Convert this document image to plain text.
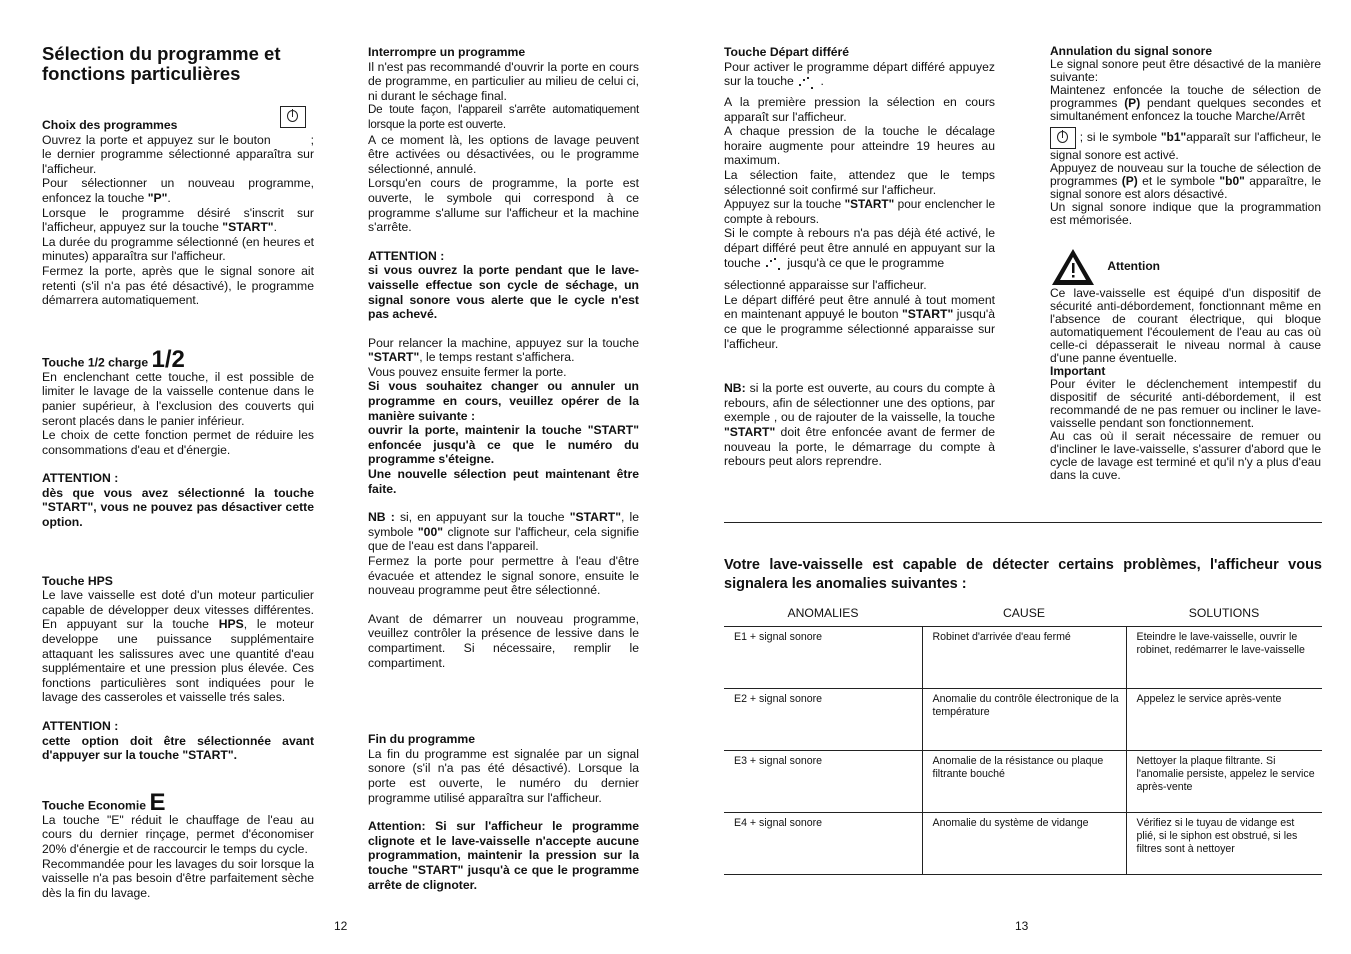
Sélection du programme et fonctions particulières

Choix des programmes

Ouvrez la porte et appuyez sur le bouton	; le dernier programme sélectionné apparaîtra sur l'afficheur.

Pour sélectionner un nouveau programme, enfoncez la touche "P".

Lorsque le programme désiré s'inscrit sur l'afficheur, appuyez sur la touche "START".

La durée du programme sélectionné (en heures et minutes) apparaîtra sur l'afficheur.

Fermez la porte, après que le signal sonore ait retenti (s'il n'a pas été désactivé), le programme démarrera automatiquement.

Touche 1/2 charge 1/2

En enclenchant cette touche, il est possible de limiter le lavage de la vaisselle contenue dans le panier supérieur, à l'exclusion des couverts qui seront placés dans le panier inférieur.

Le choix de cette fonction permet de réduire les consommations d'eau et d'énergie.

ATTENTION :

dès que vous avez sélectionné la touche "START", vous ne pouvez pas désactiver cette option.

Touche HPS

Le lave vaisselle est doté d'un moteur particulier capable de développer deux vitesses différentes. En appuyant sur la touche HPS, le moteur developpe une puissance supplémentaire attaquant les salissures avec une quantité d'eau supplémentaire et une pression plus élevée. Ces fonctions particulières sont indiquées pour le lavage des casseroles et vaisselle trés sales.

ATTENTION :

cette option doit être sélectionnée avant d'appuyer sur la touche "START".

Touche Economie E

La touche "E" réduit le chauffage de l'eau au cours du dernier rinçage, permet d'économiser 20% d'énergie et de raccourcir le temps du cycle.

Recommandée pour les lavages du soir lorsque la vaisselle n'a pas besoin d'être parfaitement sèche dès la fin du lavage.

Interrompre un programme

Il n'est pas recommandé d'ouvrir la porte en cours de programme, en particulier au milieu de celui ci, ni durant le séchage final.

De toute façon, l'appareil s'arrête automatiquement lorsque la porte est ouverte.

A ce moment là, les options de lavage peuvent être activées ou désactivées, ou le programme sélectionné, annulé.

Lorsqu'en cours de programme, la porte est ouverte, le symbole qui correspond à ce programme s'allume sur l'afficheur et la machine s'arrête.

ATTENTION :

si vous ouvrez la porte pendant que le lave-vaisselle effectue son cycle de séchage, un signal sonore vous alerte que le cycle n'est pas achevé.

Pour relancer la machine, appuyez sur la touche "START", le temps restant s'affichera.

Vous pouvez ensuite fermer la porte.

Si vous souhaitez changer ou annuler un programme en cours, veuillez opérer de la manière suivante :

ouvrir la porte, maintenir la touche "START" enfoncée jusqu'à ce que le numéro du programme s'éteigne.

Une nouvelle sélection peut maintenant être faite.

NB : si, en appuyant sur la touche "START", le symbole "00" clignote sur l'afficheur, cela signifie que de l'eau est dans l'appareil.

Fermez la porte pour permettre à l'eau d'être évacuée et attendez le signal sonore, ensuite le nouveau programme peut être sélectionné.

Avant de démarrer un nouveau programme, veuillez contrôler la présence de lessive dans le compartiment. Si nécessaire, remplir le compartiment.

Fin du programme

La fin du programme est signalée par un signal sonore (s'il n'a pas été désactivé). Lorsque la porte est ouverte, le numéro du dernier programme utilisé apparaîtra sur l'afficheur.

Attention: Si sur l'afficheur le programme clignote et le lave-vaisselle n'accepte aucune programmation, maintenir la pression sur la touche "START" jusqu'à ce que le programme arrête de clignoter.

12

Touche Départ différé

Pour activer le programme départ différé appuyez sur la touche
.

A la première pression la sélection en cours apparaît sur l'afficheur.

A chaque pression de la touche le décalage horaire augmente pour atteindre 19 heures au maximum.

La sélection faite, attendez que le temps sélectionné soit confirmé sur l'afficheur.

Appuyez sur la touche "START" pour enclencher le compte à rebours.

Si le compte à rebours n'a pas déjà été activé, le départ différé peut être annulé en appuyant sur la touche jusqu'à ce que le programme

sélectionné apparaisse sur l'afficheur.

Le départ différé peut être annulé à tout moment en maintenant appuyé le bouton "START" jusqu'à ce que le programme sélectionné apparaisse sur l'afficheur.

NB: si la porte est ouverte, au cours du compte à rebours, afin de sélectionner une des options, par exemple , ou de rajouter de la vaisselle, la touche "START" doit être enfoncée avant de fermer de nouveau la porte, le démarrage du compte à rebours peut alors reprendre.

Annulation du signal sonore

Le signal sonore peut être désactivé de la manière suivante:

Maintenez enfoncée la touche de sélection de programmes (P) pendant quelques secondes et simultanément enfoncez la touche Marche/Arrêt

; si le symbole "b1"apparaît sur l'afficheur, le signal sonore est activé.

Appuyez de nouveau sur la touche de sélection de programmes (P) et le symbole "b0" apparaître, le signal sonore est alors désactivé.

Un signal sonore indique que la programmation est mémorisée.

Attention

Ce lave-vaisselle est équipé d'un dispositif de sécurité anti-débordement, fonctionnant même en l'absence de courant électrique, qui bloque automatiquement l'écoulement de l'eau au cas où celle-ci dépasserait le niveau normal à cause d'une panne éventuelle.

Important

Pour éviter le déclenchement intempestif du dispositif de sécurité anti-débordement, il est recommandé de ne pas remuer ou incliner le lave-vaisselle pendant son fonctionnement.

Au cas où il serait nécessaire de remuer ou d'incliner le lave-vaisselle, s'assurer d'abord que le cycle de lavage est terminé et qu'il n'y a plus d'eau dans la cuve.

Votre lave-vaisselle est capable de détecter certains problèmes, l'afficheur vous signalera les anomalies suivantes :
ANOMALIES	CAUSE	SOLUTIONS
E1 + signal sonore	Robinet d'arrivée d'eau fermé	Eteindre le lave-vaisselle, ouvrir le robinet, redémarrer le lave-vaisselle
E2 + signal sonore	Anomalie du contrôle électronique de la température	Appelez le service après-vente
E3 + signal sonore	Anomalie de la résistance ou plaque filtrante bouché	Nettoyer la plaque filtrante. Si l'anomalie persiste, appelez le service après-vente
E4 + signal sonore	Anomalie du système de vidange	Vérifiez si le tuyau de vidange est plié, si le siphon est obstrué, si les filtres sont à nettoyer
13
